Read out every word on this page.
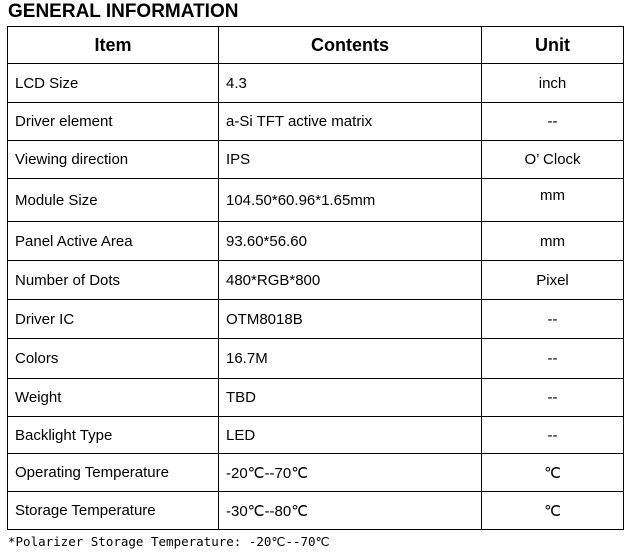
GENERAL INFORMATION
Item	Contents	Unit
LCD Size	4.3	inch
Driver element	a-Si TFT active matrix	--
Viewing direction	IPS	O’ Clock
Module Size	104.50*60.96*1.65mm	mm
Panel Active Area	93.60*56.60	mm
Number of Dots	480*RGB*800	Pixel
Driver IC	OTM8018B	--
Colors	16.7M	--
Weight	TBD	--
Backlight Type	LED	--
Operating Temperature	-20℃--70℃	℃
Storage Temperature	-30℃--80℃	℃
*Polarizer Storage Temperature: -20℃--70℃
